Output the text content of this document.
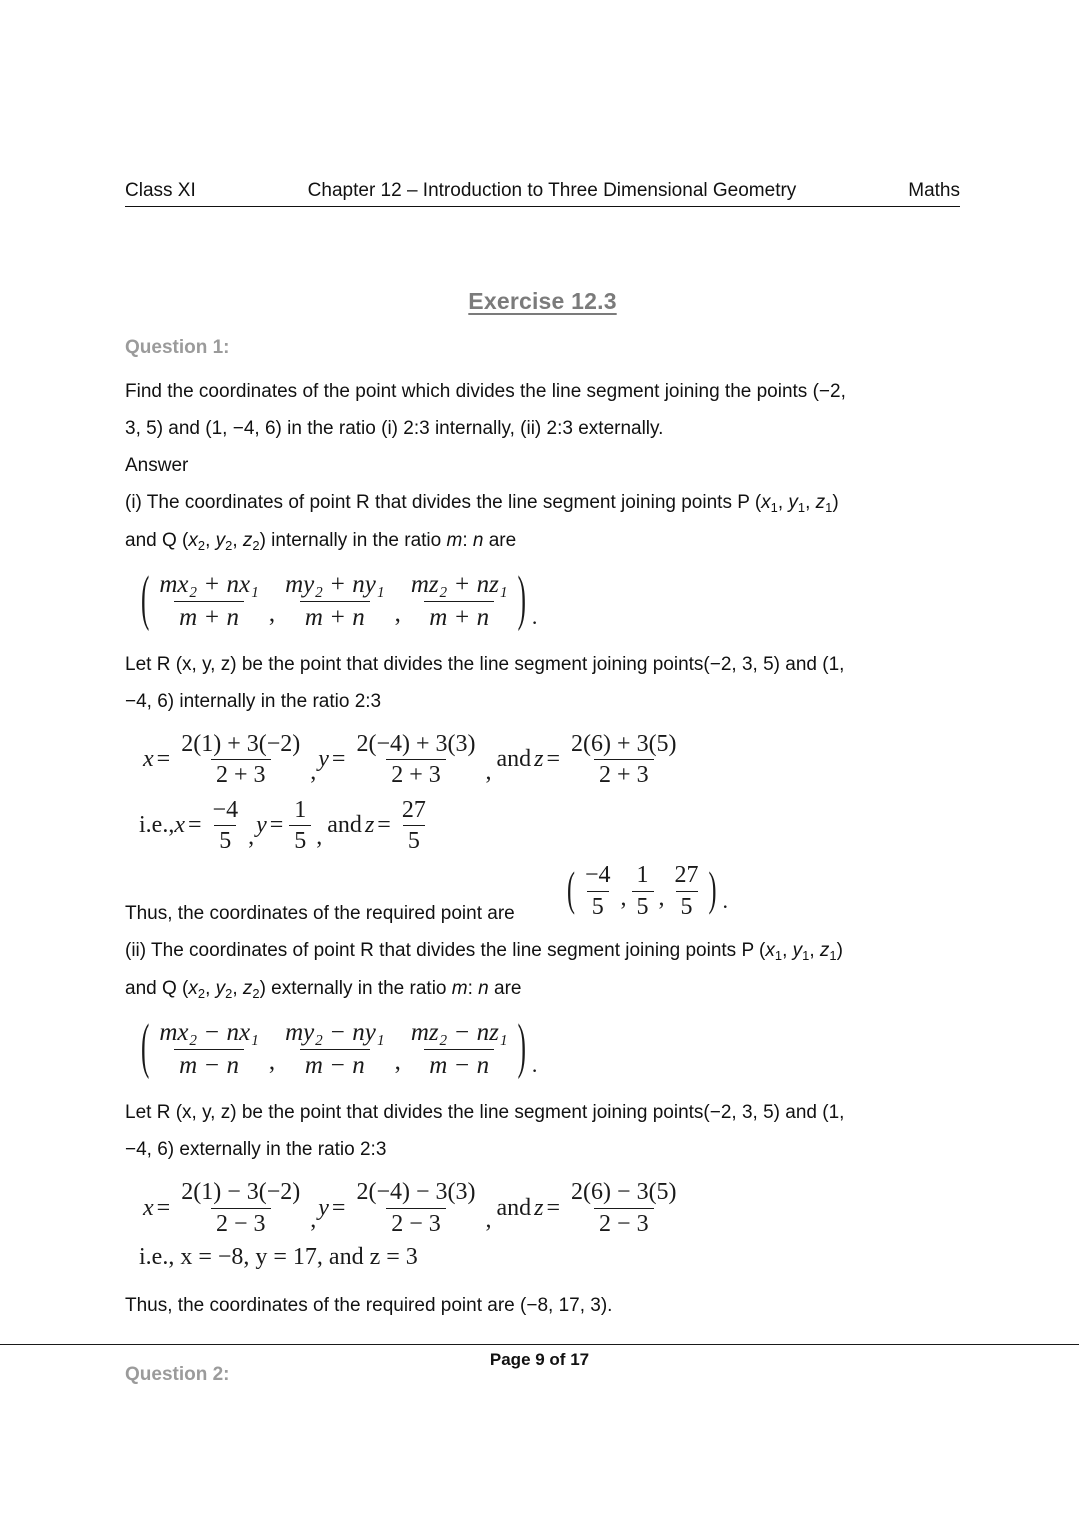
Class XI	Chapter 12 – Introduction to Three Dimensional Geometry	Maths
Exercise 12.3
Question 1:

Find the coordinates of the point which divides the line segment joining the points (−2,

3, 5) and (1, −4, 6) in the ratio (i) 2:3 internally, (ii) 2:3 externally.

Answer

(i) The coordinates of point R that divides the line segment joining points P ($x_1$, $y_1$, $z_1$)

and Q ($x_2$, $y_2$, $z_2$) internally in the ratio m: n are

( $\frac{\text{mx₂ + nx₁}}{m + n}$ , $\frac{\text{my₂ + ny₁}}{m + n}$ , $\frac{\text{mz₂ + nz₁}}{m + n}$ ) .

Let R (x, y, z) be the point that divides the line segment joining points(−2, 3, 5) and (1,

−4, 6) internally in the ratio 2:3

$x = \frac{2(1) + 3(-2)}{2 + 3}$ , $y = \frac{2(-4) + 3(3)}{2 + 3}$ , and $z = \frac{2(6) + 3(5)}{2 + 3}$
i.e., $x = \frac{-4}{5}$ , $y = \frac{1}{5}$ , and $z = \frac{27}{5}$
Thus, the coordinates of the required point are ( $\frac{-4}{5}$ , $\frac{1}{5}$ , $\frac{27}{5}$ ) .

(ii) The coordinates of point R that divides the line segment joining points P ($x_1$, $y_1$, $z_1$)

and Q ($x_2$, $y_2$, $z_2$) externally in the ratio m: n are

( $\frac{\text{mx₂ − nx₁}}{m - n}$ , $\frac{\text{my₂ − ny₁}}{m - n}$ , $\frac{\text{mz₂ − nz₁}}{m - n}$ ) .

Let R (x, y, z) be the point that divides the line segment joining points(−2, 3, 5) and (1,

−4, 6) externally in the ratio 2:3

$x = \frac{2(1) - 3(-2)}{2 - 3}$ , $y = \frac{2(-4) - 3(3)}{2 - 3}$ , and $z = \frac{2(6) - 3(5)}{2 - 3}$
i.e., x = −8, y = 17, and z = 3

Thus, the coordinates of the required point are (−8, 17, 3).

Question 2:
Page 9 of 17
